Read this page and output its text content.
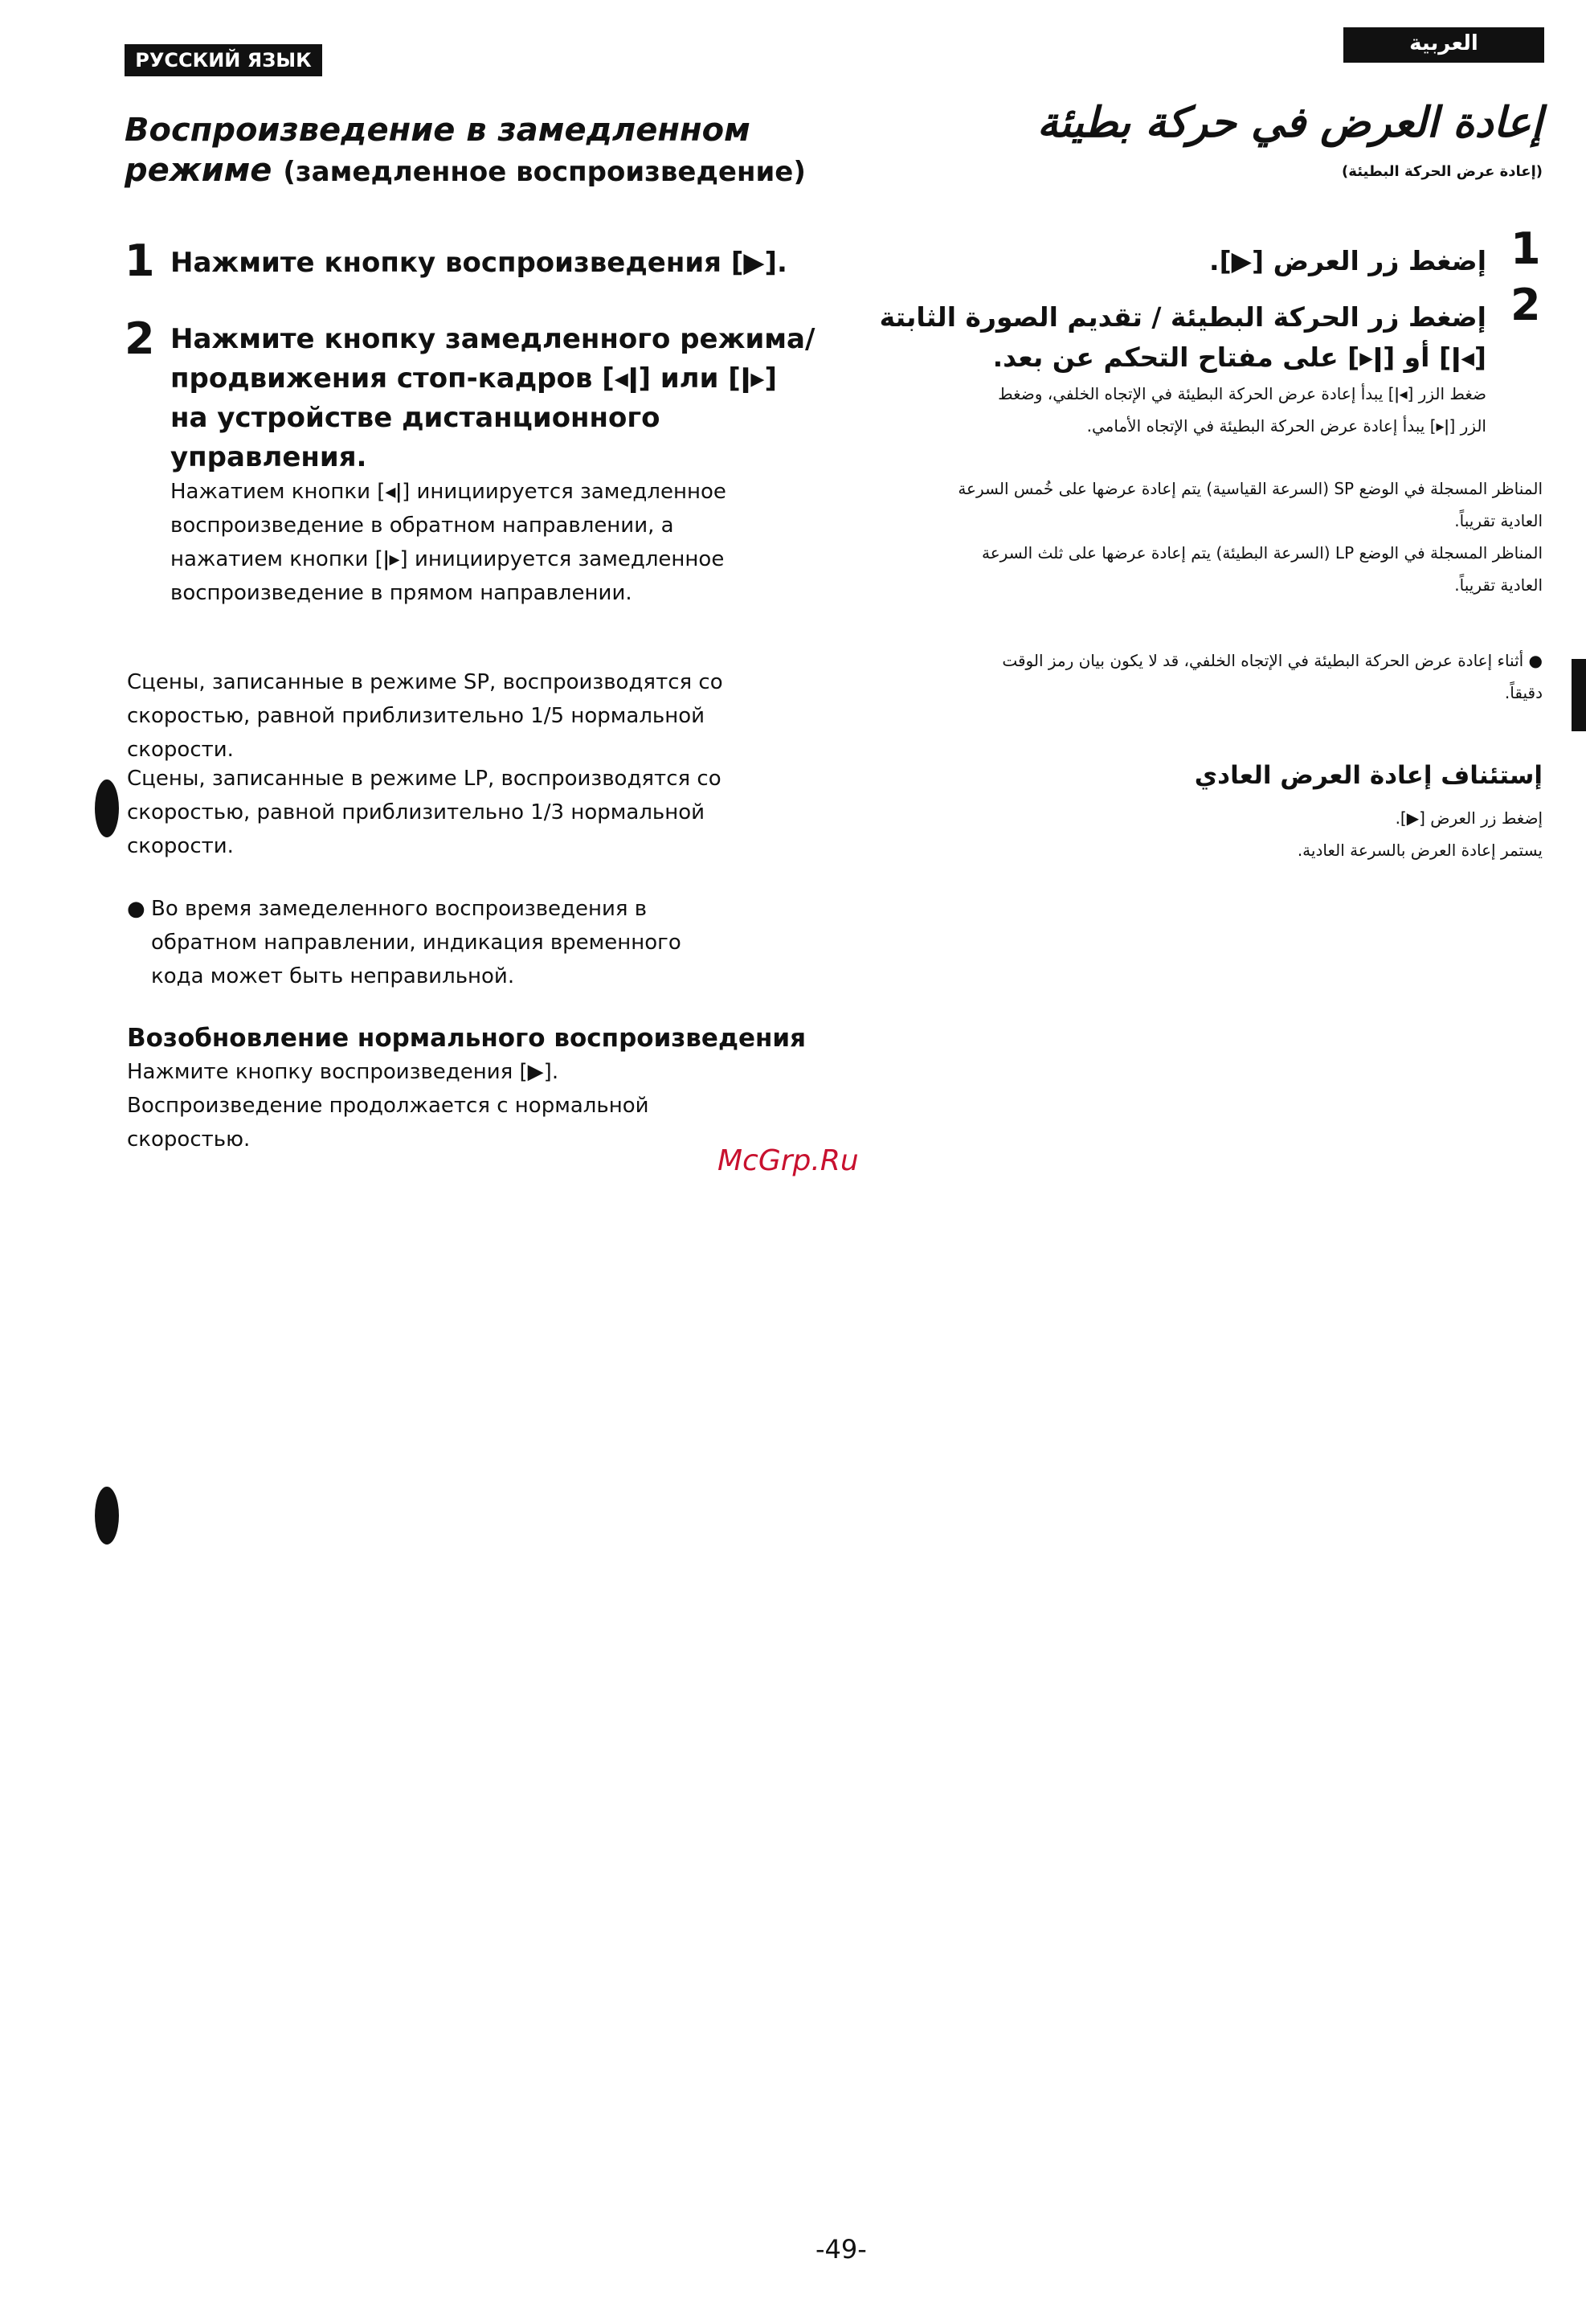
РУССКИЙ ЯЗЫК
العربية
Воспроизведение в замедленном
режиме (замедленное воспроизведение)
1 Нажмите кнопку воспроизведения [▶].
2 Нажмите кнопку замедленного режима/
продвижения стоп-кадров [◂ǀ] или [ǀ▸]
на устройстве дистанционного
управления.
Нажатием кнопки [◂ǀ] инициируется замедленное
воспроизведение в обратном направлении, а
нажатием кнопки [ǀ▸] инициируется замедленное
воспроизведение в прямом направлении.
Сцены, записанные в режиме SP, воспроизводятся со
скоростью, равной приблизительно 1/5 нормальной
скорости.
Сцены, записанные в режиме LP, воспроизводятся со
скоростью, равной приблизительно 1/3 нормальной
скорости.
● Во время замеделенного воспроизведения в
обратном направлении, индикация временного
кода может быть неправильной.
Возобновление нормального воспроизведения
Нажмите кнопку воспроизведения [▶].
Воспроизведение продолжается с нормальной
скоростью.
إعادة العرض في حركة بطيئة
(إعادة عرض الحركة البطيئة)
1
إضغط زر العرض [▶].
2
إضغط زر الحركة البطيئة / تقديم الصورة الثابتة
[◂ǀ] أو [ǀ▸] على مفتاح التحكم عن بعد.
ضغط الزر [◂ǀ] يبدأ إعادة عرض الحركة البطيئة في الإتجاه الخلفي، وضغط
الزر [ǀ▸] يبدأ إعادة عرض الحركة البطيئة في الإتجاه الأمامي.
المناظر المسجلة في الوضع SP (السرعة القياسية) يتم إعادة عرضها على خُمس السرعة
العادية تقريباً.
المناظر المسجلة في الوضع LP (السرعة البطيئة) يتم إعادة عرضها على ثلث السرعة
العادية تقريباً.
● أثناء إعادة عرض الحركة البطيئة في الإتجاه الخلفي، قد لا يكون بيان رمز الوقت
دقيقاً.
إستئناف إعادة العرض العادي
إضغط زر العرض [▶].
يستمر إعادة العرض بالسرعة العادية.
McGrp.Ru
-49-
